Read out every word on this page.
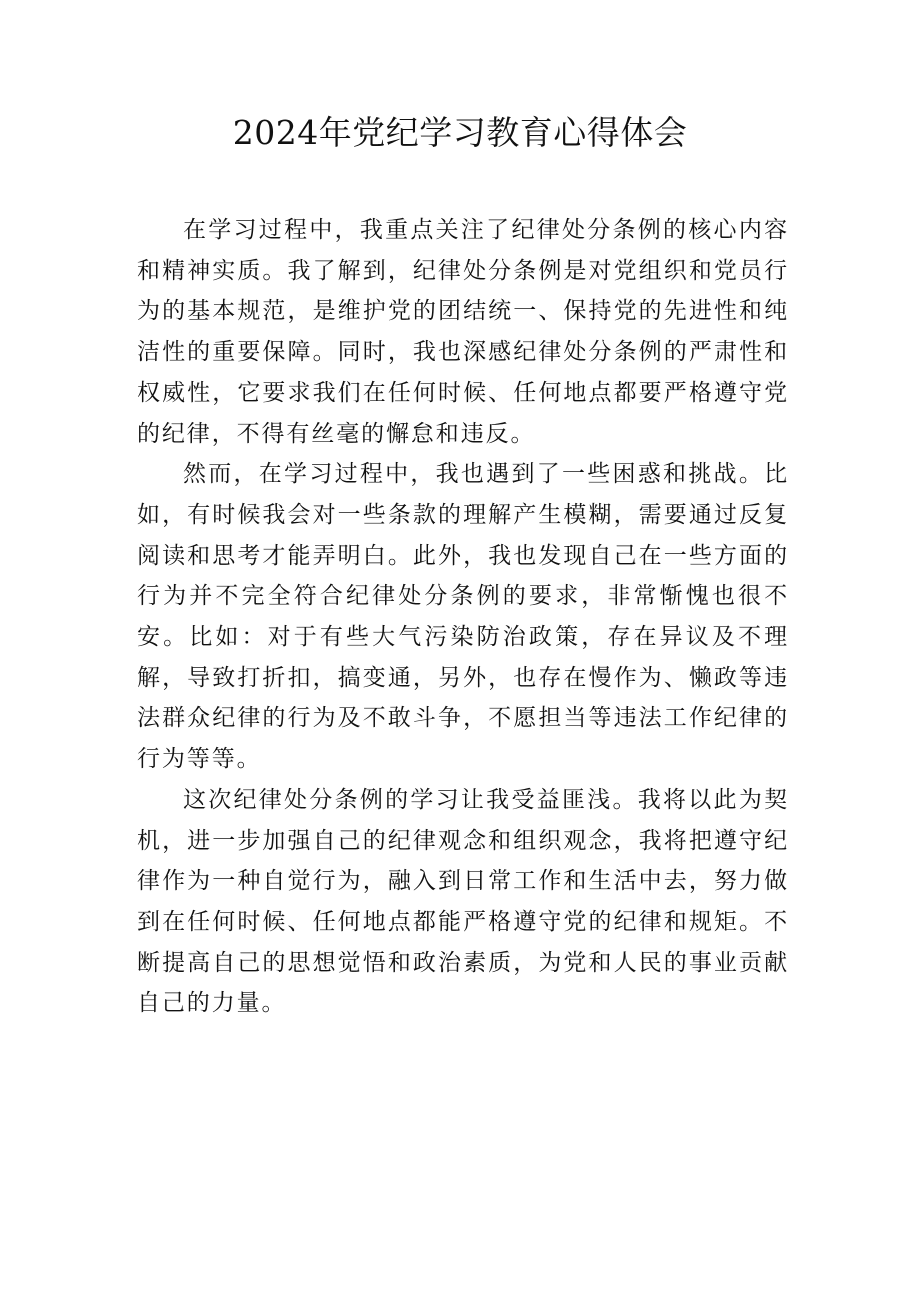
2024年党纪学习教育心得体会

在学习过程中，我重点关注了纪律处分条例的核心内容和精神实质。我了解到，纪律处分条例是对党组织和党员行为的基本规范，是维护党的团结统一、保持党的先进性和纯洁性的重要保障。同时，我也深感纪律处分条例的严肃性和权威性，它要求我们在任何时候、任何地点都要严格遵守党的纪律，不得有丝毫的懈怠和违反。

然而，在学习过程中，我也遇到了一些困惑和挑战。比如，有时候我会对一些条款的理解产生模糊，需要通过反复阅读和思考才能弄明白。此外，我也发现自己在一些方面的行为并不完全符合纪律处分条例的要求，非常惭愧也很不安。比如：对于有些大气污染防治政策，存在异议及不理解，导致打折扣，搞变通，另外，也存在慢作为、懒政等违法群众纪律的行为及不敢斗争，不愿担当等违法工作纪律的行为等等。

这次纪律处分条例的学习让我受益匪浅。我将以此为契机，进一步加强自己的纪律观念和组织观念，我将把遵守纪律作为一种自觉行为，融入到日常工作和生活中去，努力做到在任何时候、任何地点都能严格遵守党的纪律和规矩。不断提高自己的思想觉悟和政治素质，为党和人民的事业贡献自己的力量。
